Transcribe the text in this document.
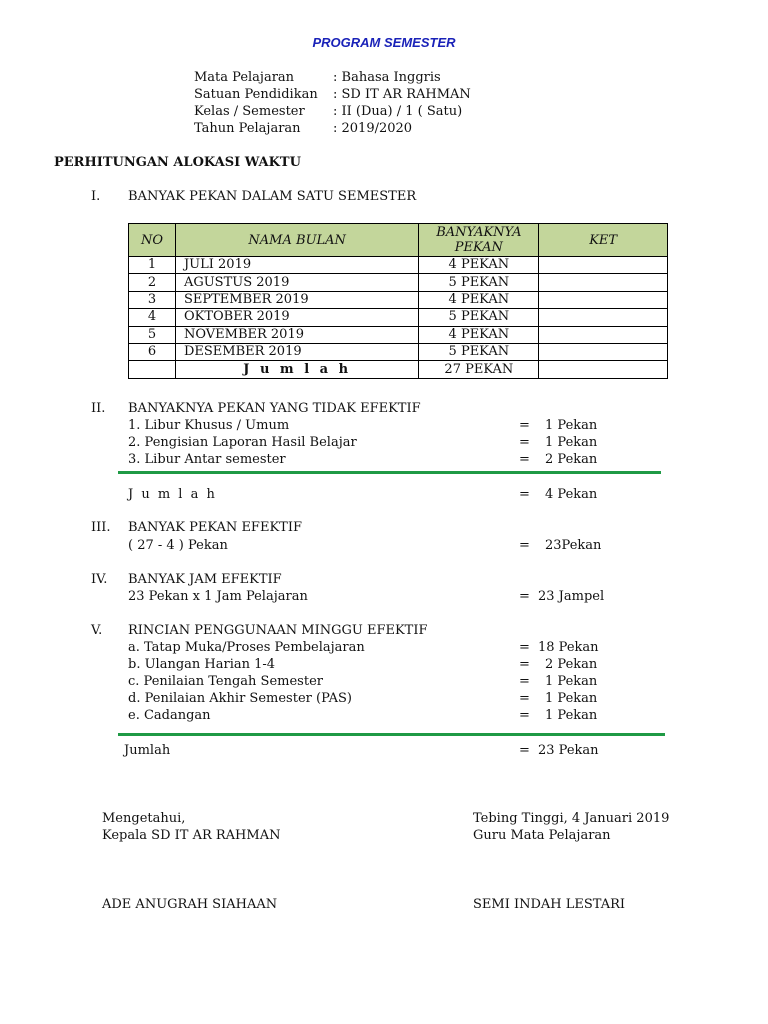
PROGRAM SEMESTER
Mata Pelajaran	: Bahasa Inggris
Satuan Pendidikan : SD IT AR RAHMAN
Kelas / Semester : II (Dua) / 1 ( Satu)
Tahun Pelajaran : 2019/2020
PERHITUNGAN ALOKASI WAKTU
I. BANYAK PEKAN DALAM SATU SEMESTER
NO	NAMA BULAN	BANYAKNYA PEKAN	KET
1	JULI 2019	4 PEKAN	
2	AGUSTUS 2019	5 PEKAN	
3	SEPTEMBER 2019	4 PEKAN	
4	OKTOBER 2019	5 PEKAN	
5	NOVEMBER 2019	4 PEKAN	
6	DESEMBER 2019	5 PEKAN	
	J u m l a h	27 PEKAN	
II. BANYAKNYA PEKAN YANG TIDAK EFEKTIF
1. Libur Khusus / Umum	= 1 Pekan
2. Pengisian Laporan Hasil Belajar	= 1 Pekan
3. Libur Antar semester	= 2 Pekan
J u m l a h	= 4 Pekan
III. BANYAK PEKAN EFEKTIF
( 27 - 4 ) Pekan	= 23Pekan
IV. BANYAK JAM EFEKTIF
23 Pekan x 1 Jam Pelajaran	= 23 Jampel
V. RINCIAN PENGGUNAAN MINGGU EFEKTIF
a. Tatap Muka/Proses Pembelajaran	= 18 Pekan
b. Ulangan Harian 1-4	= 2 Pekan
c. Penilaian Tengah Semester	= 1 Pekan
d. Penilaian Akhir Semester (PAS)	= 1 Pekan
e. Cadangan	= 1 Pekan
Jumlah	= 23 Pekan
Mengetahui,
Kepala SD IT AR RAHMAN
ADE ANUGRAH SIAHAAN
Tebing Tinggi, 4 Januari 2019
Guru Mata Pelajaran
SEMI INDAH LESTARI
